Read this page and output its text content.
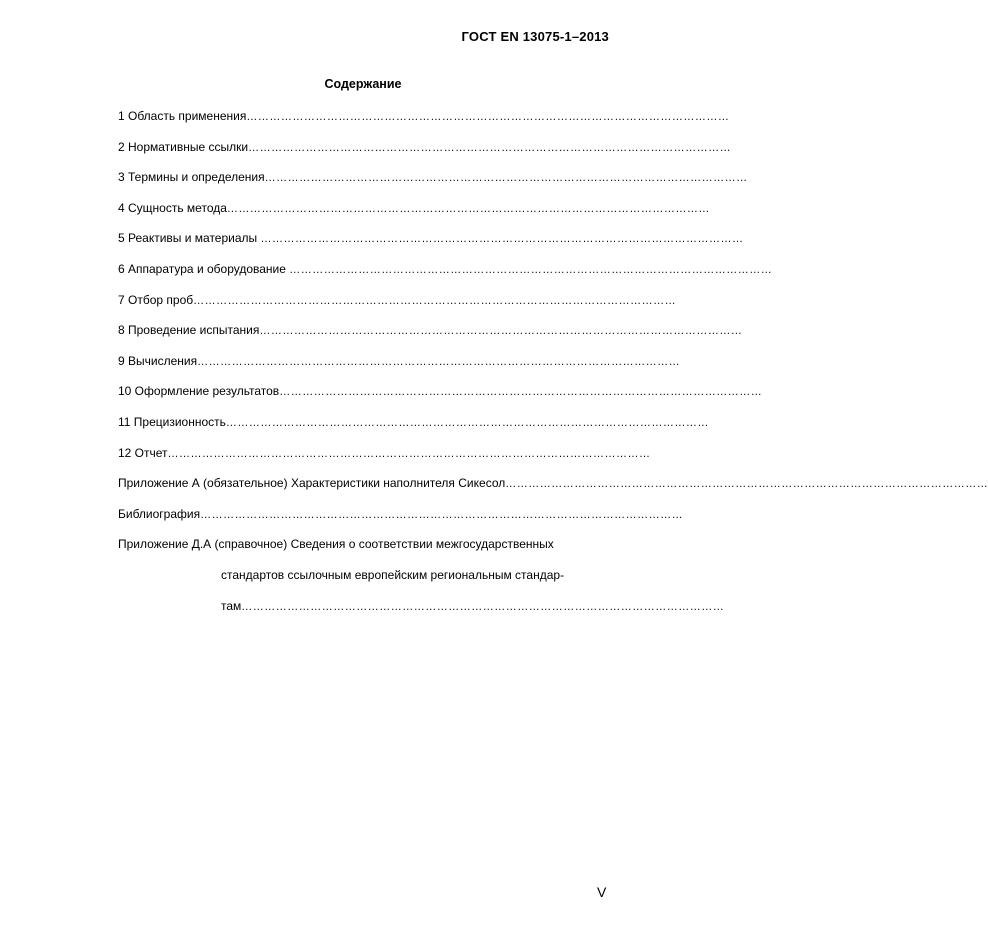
ГОСТ EN 13075-1–2013
Содержание
1 Область применения………………………………………………………………………………………………………………
2 Нормативные ссылки………………………………………………………………………………………………………………
3 Термины и определения………………………………………………………………………………………………………………
4 Сущность метода………………………………………………………………………………………………………………
5 Реактивы и материалы ………………………………………………………………………………………………………………
6 Аппаратура и оборудование ………………………………………………………………………………………………………………
7 Отбор проб………………………………………………………………………………………………………………
8 Проведение испытания………………………………………………………………………………………………………………
9 Вычисления………………………………………………………………………………………………………………
10 Оформление результатов………………………………………………………………………………………………………………
11 Прецизионность………………………………………………………………………………………………………………
12 Отчет………………………………………………………………………………………………………………
Приложение А (обязательное) Характеристики наполнителя Сикесол………………………………………………………………………………………………………………
Библиография………………………………………………………………………………………………………………
Приложение Д.А (справочное) Сведения о соответствии межгосударственных
стандартов ссылочным европейским региональным стандар-
там………………………………………………………………………………………………………………
V
